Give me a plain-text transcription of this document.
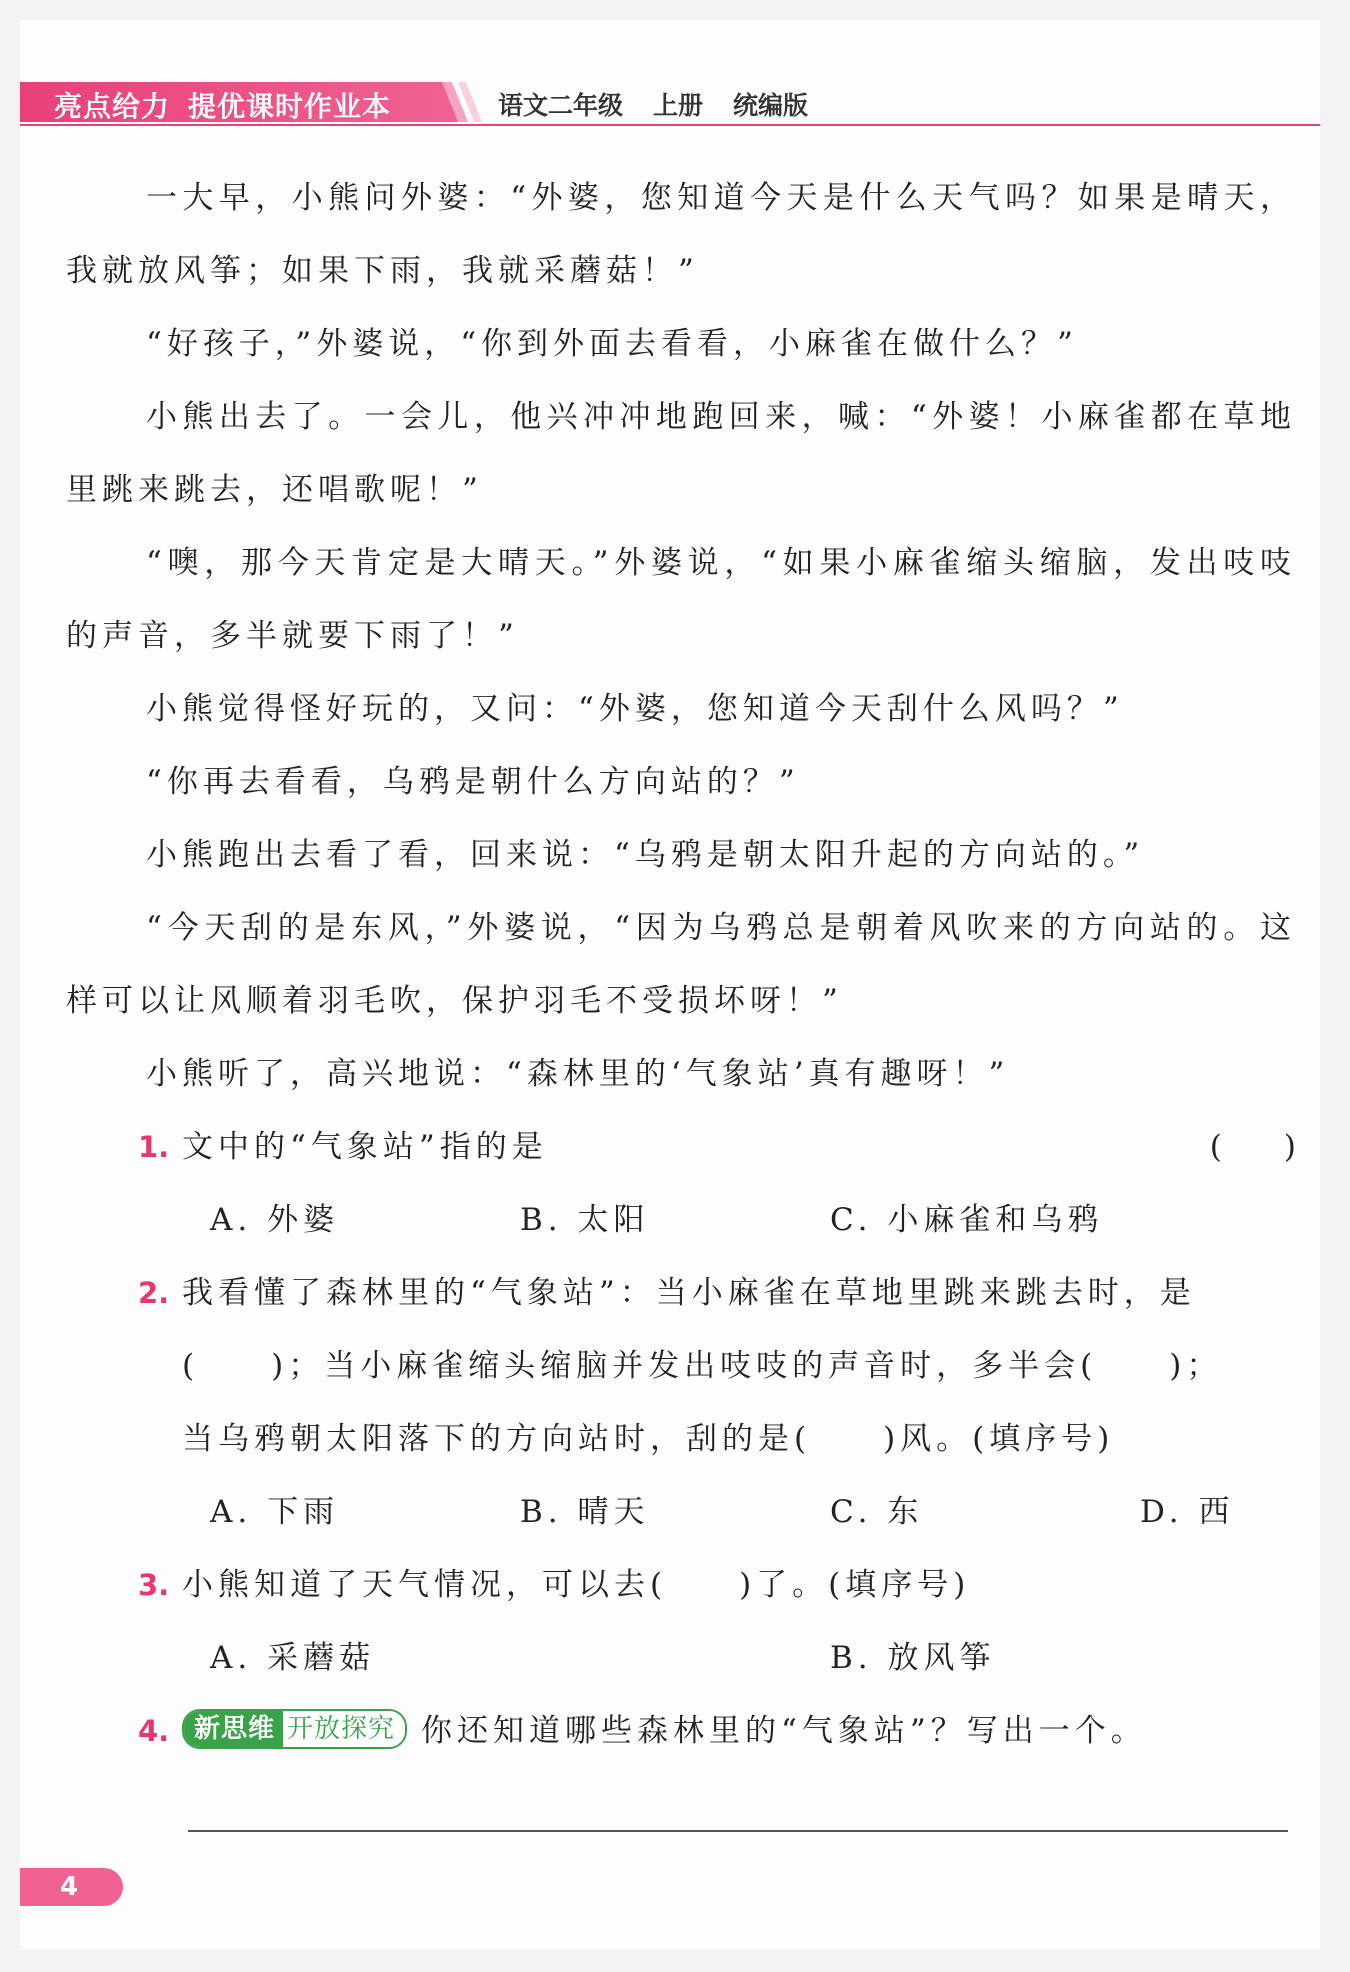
亮点给力 提优课时作业本	语文二年级 上册 统编版

一大早，小熊问外婆：“外婆，您知道今天是什么天气吗？如果是晴天，我就放风筝；如果下雨，我就采蘑菇！”

“好孩子，”外婆说，“你到外面去看看，小麻雀在做什么？”

小熊出去了。一会儿，他兴冲冲地跑回来，喊：“外婆！小麻雀都在草地里跳来跳去，还唱歌呢！”

“噢，那今天肯定是大晴天。”外婆说，“如果小麻雀缩头缩脑，发出吱吱的声音，多半就要下雨了！”

小熊觉得怪好玩的，又问：“外婆，您知道今天刮什么风吗？”

“你再去看看，乌鸦是朝什么方向站的？”

小熊跑出去看了看，回来说：“乌鸦是朝太阳升起的方向站的。”

“今天刮的是东风，”外婆说，“因为乌鸦总是朝着风吹来的方向站的。这样可以让风顺着羽毛吹，保护羽毛不受损坏呀！”

小熊听了，高兴地说：“森林里的‘气象站’真有趣呀！”

1. 文中的“气象站”指的是	(　　)
A. 外婆	B. 太阳	C. 小麻雀和乌鸦
2. 我看懂了森林里的“气象站”：当小麻雀在草地里跳来跳去时，是
(　　)；当小麻雀缩头缩脑并发出吱吱的声音时，多半会(　　)；
当乌鸦朝太阳落下的方向站时，刮的是(　　)风。(填序号)
A. 下雨	B. 晴天	C. 东	D. 西
3. 小熊知道了天气情况，可以去(　　)了。(填序号)
A. 采蘑菇	B. 放风筝
4. 新思维 开放探究 你还知道哪些森林里的“气象站”？写出一个。
4
